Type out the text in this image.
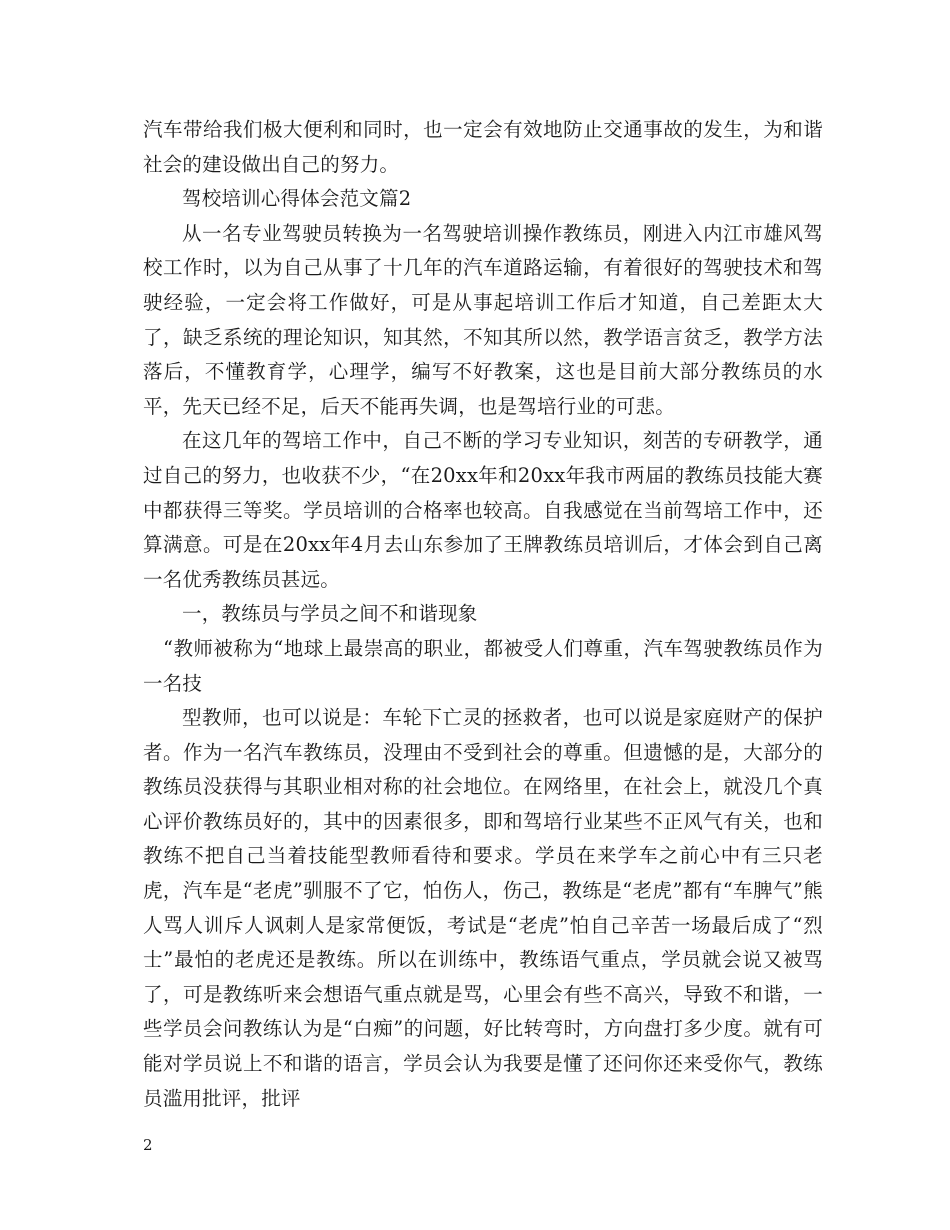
汽车带给我们极大便利和同时，也一定会有效地防止交通事故的发生，为和谐社会的建设做出自己的努力。

驾校培训心得体会范文篇2

从一名专业驾驶员转换为一名驾驶培训操作教练员，刚进入内江市雄风驾校工作时，以为自己从事了十几年的汽车道路运输，有着很好的驾驶技术和驾驶经验，一定会将工作做好，可是从事起培训工作后才知道，自己差距太大了，缺乏系统的理论知识，知其然，不知其所以然，教学语言贫乏，教学方法落后，不懂教育学，心理学，编写不好教案，这也是目前大部分教练员的水平，先天已经不足，后天不能再失调，也是驾培行业的可悲。

在这几年的驾培工作中，自己不断的学习专业知识，刻苦的专研教学，通过自己的努力，也收获不少，“在20xx年和20xx年我市两届的教练员技能大赛中都获得三等奖。学员培训的合格率也较高。自我感觉在当前驾培工作中，还算满意。可是在20xx年4月去山东参加了王牌教练员培训后，才体会到自己离一名优秀教练员甚远。

一，教练员与学员之间不和谐现象

“教师被称为“地球上最崇高的职业，都被受人们尊重，汽车驾驶教练员作为一名技

型教师，也可以说是：车轮下亡灵的拯救者，也可以说是家庭财产的保护者。作为一名汽车教练员，没理由不受到社会的尊重。但遗憾的是，大部分的教练员没获得与其职业相对称的社会地位。在网络里，在社会上，就没几个真心评价教练员好的，其中的因素很多，即和驾培行业某些不正风气有关，也和教练不把自己当着技能型教师看待和要求。学员在来学车之前心中有三只老虎，汽车是“老虎”驯服不了它，怕伤人，伤己，教练是“老虎”都有“车脾气”熊人骂人训斥人讽刺人是家常便饭，考试是“老虎”怕自己辛苦一场最后成了“烈士”最怕的老虎还是教练。所以在训练中，教练语气重点，学员就会说又被骂了，可是教练听来会想语气重点就是骂，心里会有些不高兴，导致不和谐，一些学员会问教练认为是“白痴”的问题，好比转弯时，方向盘打多少度。就有可能对学员说上不和谐的语言，学员会认为我要是懂了还问你还来受你气，教练员滥用批评，批评

2
